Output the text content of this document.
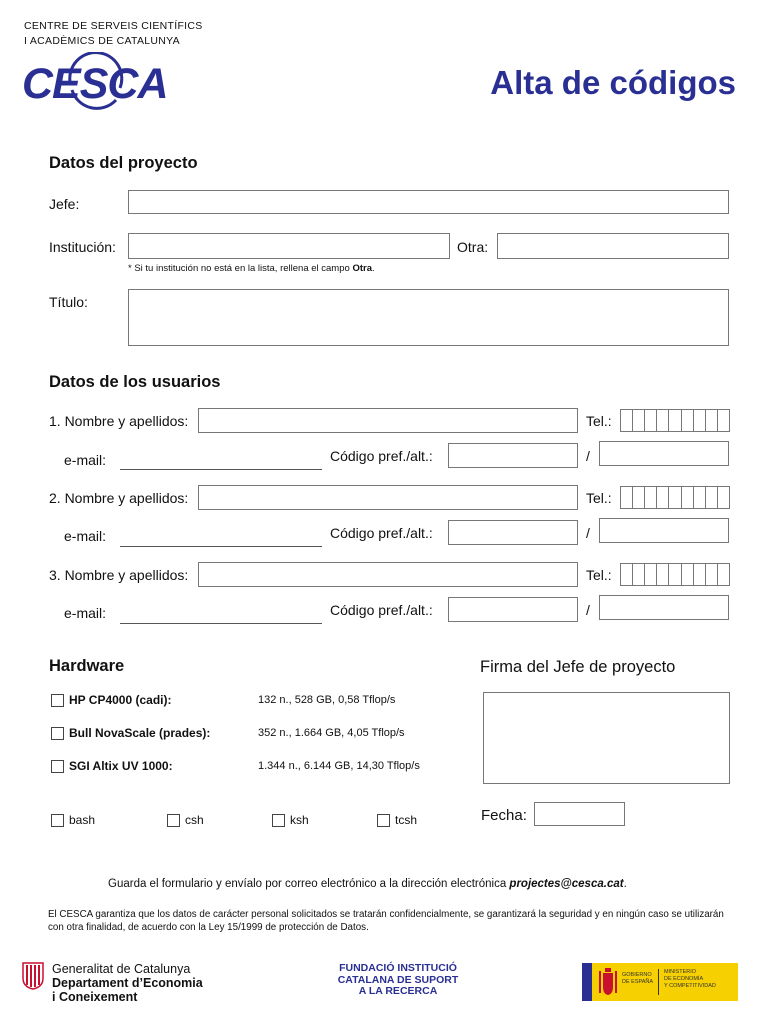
CENTRE DE SERVEIS CIENTÍFICS
I ACADÈMICS DE CATALUNYA
CESCA	Alta de códigos
Datos del proyecto
Jefe:
Institución:	Otra:
* Si tu institución no está en la lista, rellena el campo Otra.
Título:
Datos de los usuarios
1. Nombre y apellidos:	Tel.:
e-mail:	Código pref./alt.:	/
2. Nombre y apellidos:	Tel.:
e-mail:	Código pref./alt.:	/
3. Nombre y apellidos:	Tel.:
e-mail:	Código pref./alt.:	/
Hardware
HP CP4000 (cadi):	132 n., 528 GB, 0,58 Tflop/s
Bull NovaScale (prades):	352 n., 1.664 GB, 4,05 Tflop/s
SGI Altix UV 1000:	1.344 n., 6.144 GB, 14,30 Tflop/s
bash	csh	ksh	tcsh
Firma del Jefe de proyecto
Fecha:
Guarda el formulario y envíalo por correo electrónico a la dirección electrónica projectes@cesca.cat.
El CESCA garantiza que los datos de carácter personal solicitados se tratarán confidencialmente, se garantizará la seguridad y en ningún caso se utilizarán con otra finalidad, de acuerdo con la Ley 15/1999 de protección de Datos.
Generalitat de Catalunya
Departament d’Economia
i Coneixement
FUNDACIÓ INSTITUCIÓ
CATALANA DE SUPORT
A LA RECERCA
GOBIERNO
DE ESPAÑA
MINISTERIO
DE ECONOMÍA
Y COMPETITIVIDAD
